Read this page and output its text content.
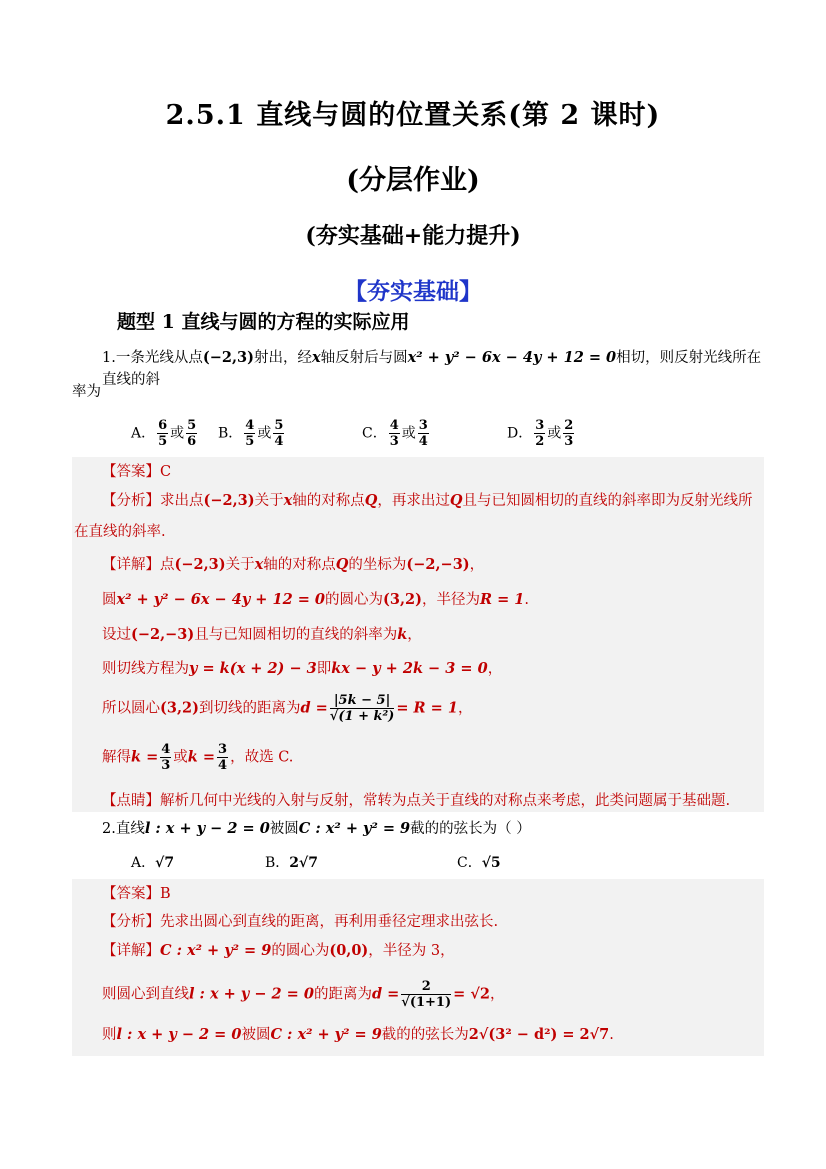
2.5.1 直线与圆的位置关系(第 2 课时)
(分层作业)
(夯实基础+能力提升)
【夯实基础】
题型 1 直线与圆的方程的实际应用
1.一条光线从点(−2,3)射出，经x轴反射后与圆x² + y² − 6x − 4y + 12 = 0相切，则反射光线所在直线的斜
率为
A． $\frac{6}{5}$ 或 $\frac{5}{6}$ B． $\frac{4}{5}$ 或 $\frac{5}{4}$	C． $\frac{4}{3}$ 或 $\frac{3}{4}$	D． $\frac{3}{2}$ 或 $\frac{2}{3}$
【答案】C
【分析】求出点(−2,3)关于x轴的对称点Q，再求出过Q且与已知圆相切的直线的斜率即为反射光线所
在直线的斜率.
【详解】点(−2,3)关于x轴的对称点Q的坐标为(−2,−3)，
圆x² + y² − 6x − 4y + 12 = 0的圆心为(3,2)，半径为R = 1.
设过(−2,−3)且与已知圆相切的直线的斜率为k，
则切线方程为y = k(x + 2) − 3即kx − y + 2k − 3 = 0，
所以圆心(3,2)到切线的距离为$d = \frac{|5k - 5|}{\text{√(1 + k²)}} = R = 1$，
解得$k = \frac{4}{3}$ 或$k = \frac{3}{4}$ ，故选 C.
【点睛】解析几何中光线的入射与反射，常转为点关于直线的对称点来考虑，此类问题属于基础题.
2.直线l : x + y − 2 = 0被圆C : x² + y² = 9截的的弦长为（ ）
A．√7	B．2√7	C．√5
【答案】B
【分析】先求出圆心到直线的距离，再利用垂径定理求出弦长.
【详解】C : x² + y² = 9的圆心为(0,0)，半径为 3，
则圆心到直线l : x + y − 2 = 0的距离为$d = \frac{2}{√(1+1)} = √2$，
则l : x + y − 2 = 0被圆C : x² + y² = 9截的的弦长为2√(3² − d²) = 2√7.
